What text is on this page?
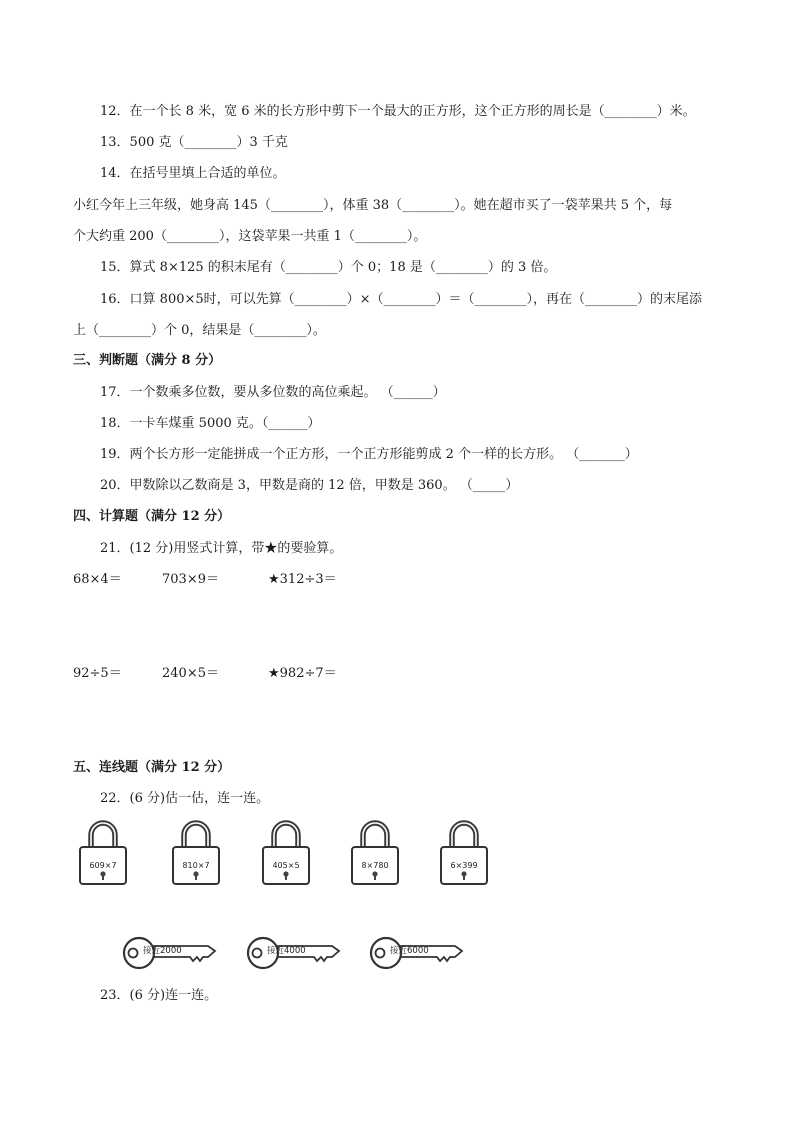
12．在一个长 8 米，宽 6 米的长方形中剪下一个最大的正方形，这个正方形的周长是（________）米。
13．500 克（________）3 千克
14．在括号里填上合适的单位。
小红今年上三年级，她身高 145（________），体重 38（________）。她在超市买了一袋苹果共 5 个，每
个大约重 200（________），这袋苹果一共重 1（________）。
15．算式 8×125 的积末尾有（________）个 0；18 是（________）的 3 倍。
16．口算 800×5时，可以先算（________）×（________）＝（________），再在（________）的末尾添
上（________）个 0，结果是（________）。
三、判断题（满分 8 分）
17．一个数乘多位数，要从多位数的高位乘起。 （______）
18．一卡车煤重 5000 克。（______）
19．两个长方形一定能拼成一个正方形，一个正方形能剪成 2 个一样的长方形。 （_______）
20．甲数除以乙数商是 3，甲数是商的 12 倍，甲数是 360。 （_____）
四、计算题（满分 12 分）
21．(12 分)用竖式计算，带★的要验算。
68×4＝	703×9＝	★312÷3＝
92÷5＝	240×5＝	★982÷7＝
五、连线题（满分 12 分）
22．(6 分)估一估，连一连。
609×7	810×7	405×5	8×780	6×399
接近2000	接近4000	接近6000
23．(6 分)连一连。
